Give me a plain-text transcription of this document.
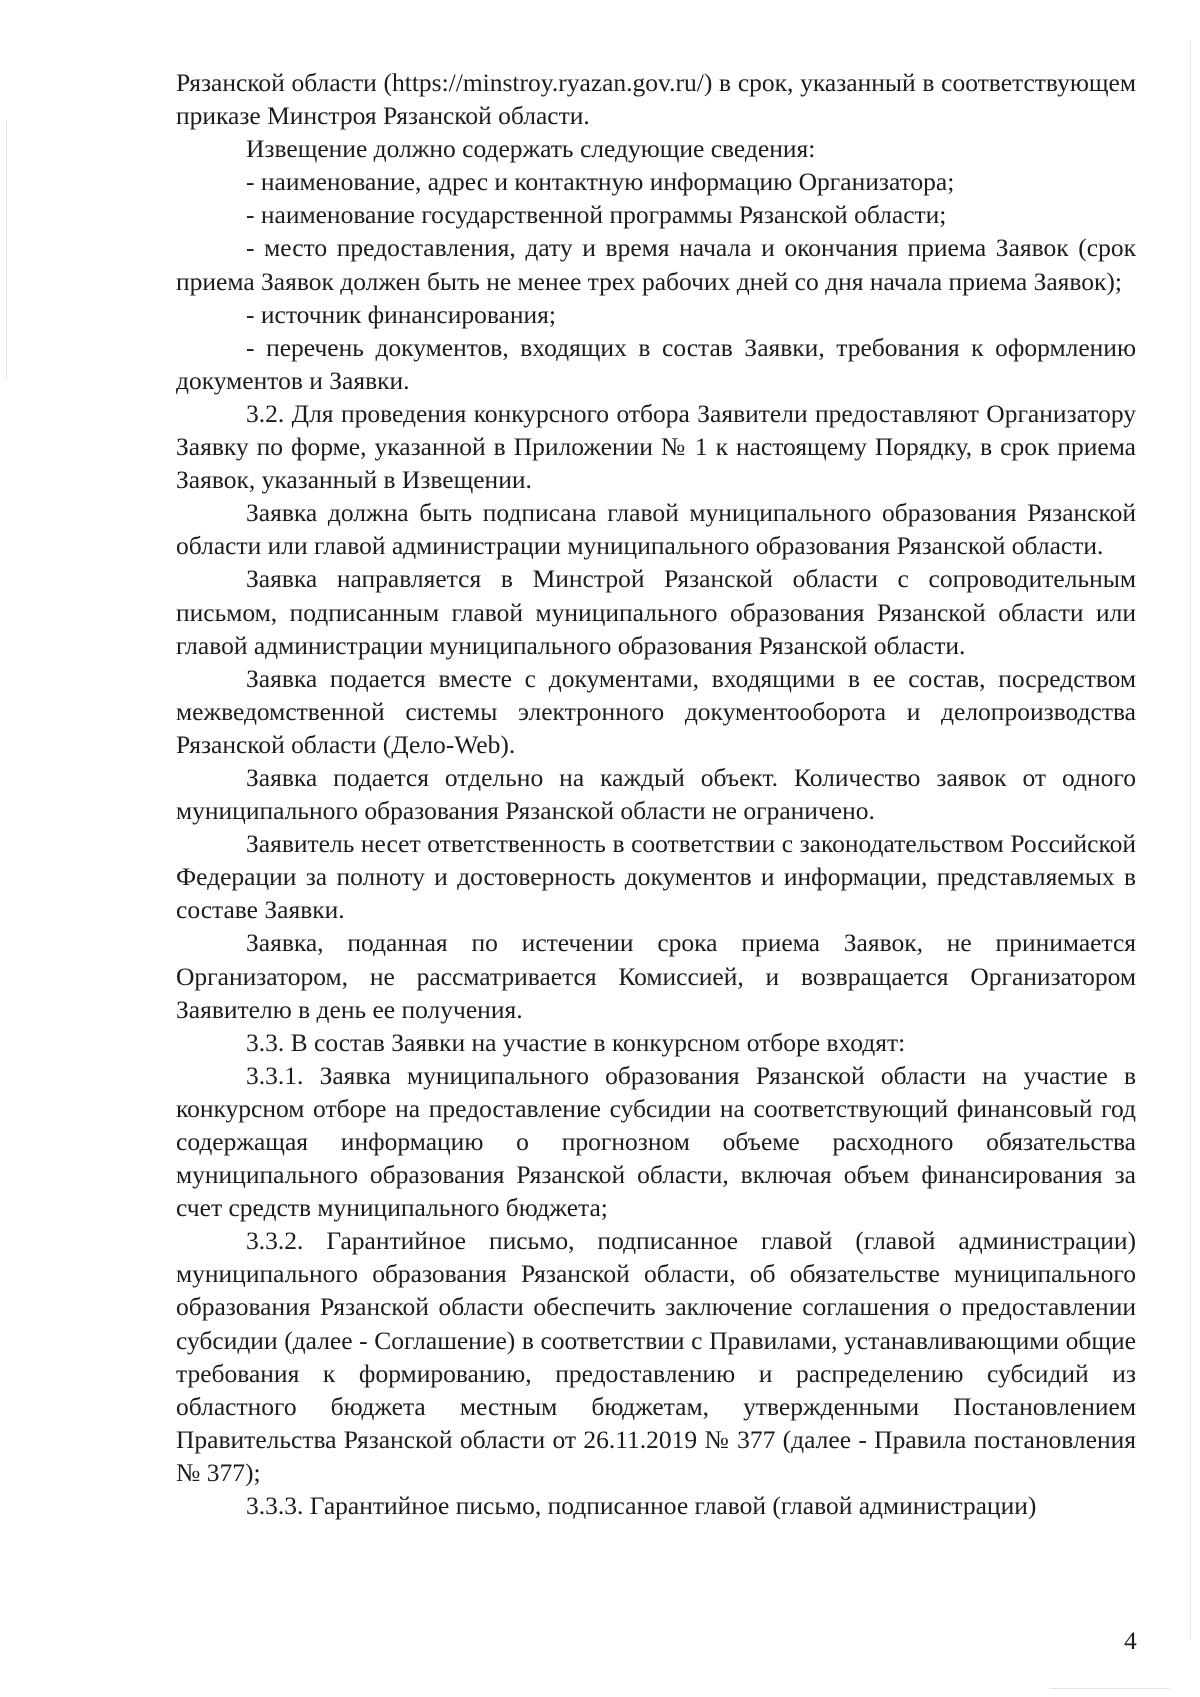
Рязанской области (https://minstroy.ryazan.gov.ru/) в срок, указанный в соответствующем приказе Минстроя Рязанской области.

Извещение должно содержать следующие сведения:

- наименование, адрес и контактную информацию Организатора;

- наименование государственной программы Рязанской области;

- место предоставления, дату и время начала и окончания приема Заявок (срок приема Заявок должен быть не менее трех рабочих дней со дня начала приема Заявок);

- источник финансирования;

- перечень документов, входящих в состав Заявки, требования к оформлению документов и Заявки.

3.2. Для проведения конкурсного отбора Заявители предоставляют Организатору Заявку по форме, указанной в Приложении № 1 к настоящему Порядку, в срок приема Заявок, указанный в Извещении.

Заявка должна быть подписана главой муниципального образования Рязанской области или главой администрации муниципального образования Рязанской области.

Заявка направляется в Минстрой Рязанской области с сопроводительным письмом, подписанным главой муниципального образования Рязанской области или главой администрации муниципального образования Рязанской области.

Заявка подается вместе с документами, входящими в ее состав, посредством межведомственной системы электронного документооборота и делопроизводства Рязанской области (Дело-Web).

Заявка подается отдельно на каждый объект. Количество заявок от одного муниципального образования Рязанской области не ограничено.

Заявитель несет ответственность в соответствии с законодательством Российской Федерации за полноту и достоверность документов и информации, представляемых в составе Заявки.

Заявка, поданная по истечении срока приема Заявок, не принимается Организатором, не рассматривается Комиссией, и возвращается Организатором Заявителю в день ее получения.

3.3. В состав Заявки на участие в конкурсном отборе входят:

3.3.1. Заявка муниципального образования Рязанской области на участие в конкурсном отборе на предоставление субсидии на соответствующий финансовый год содержащая информацию о прогнозном объеме расходного обязательства муниципального образования Рязанской области, включая объем финансирования за счет средств муниципального бюджета;

3.3.2. Гарантийное письмо, подписанное главой (главой администрации) муниципального образования Рязанской области, об обязательстве муниципального образования Рязанской области обеспечить заключение соглашения о предоставлении субсидии (далее - Соглашение) в соответствии с Правилами, устанавливающими общие требования к формированию, предоставлению и распределению субсидий из областного бюджета местным бюджетам, утвержденными Постановлением Правительства Рязанской области от 26.11.2019 № 377 (далее - Правила постановления № 377);

3.3.3. Гарантийное письмо, подписанное главой (главой администрации)

4
